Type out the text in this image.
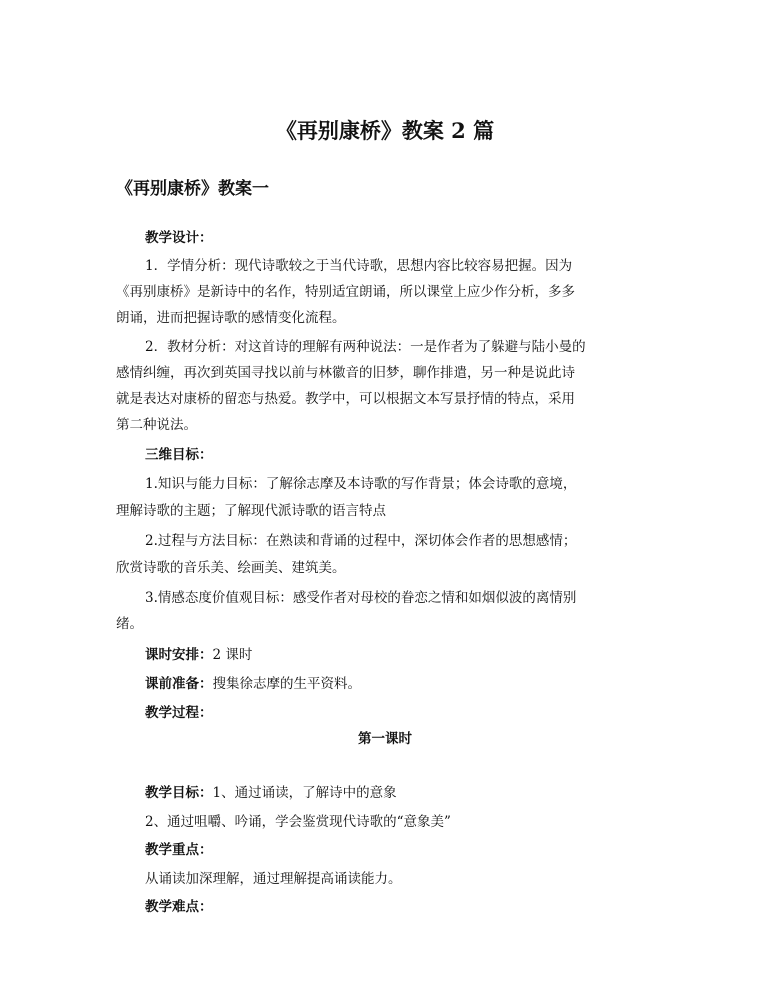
《再别康桥》教案 2 篇
《再别康桥》教案一
教学设计：
1．学情分析：现代诗歌较之于当代诗歌，思想内容比较容易把握。因为
《再别康桥》是新诗中的名作，特别适宜朗诵，所以课堂上应少作分析，多多
朗诵，进而把握诗歌的感情变化流程。
2．教材分析：对这首诗的理解有两种说法：一是作者为了躲避与陆小曼的
感情纠缠，再次到英国寻找以前与林徽音的旧梦，聊作排遣，另一种是说此诗
就是表达对康桥的留恋与热爱。教学中，可以根据文本写景抒情的特点，采用
第二种说法。
三维目标：
1.知识与能力目标：了解徐志摩及本诗歌的写作背景；体会诗歌的意境，
理解诗歌的主题；了解现代派诗歌的语言特点
2.过程与方法目标：在熟读和背诵的过程中，深切体会作者的思想感情；
欣赏诗歌的音乐美、绘画美、建筑美。
3.情感态度价值观目标：感受作者对母校的眷恋之情和如烟似波的离情别
绪。
课时安排：2 课时
课前准备：搜集徐志摩的生平资料。
教学过程：
第一课时
教学目标：1、通过诵读，了解诗中的意象
2、通过咀嚼、吟诵，学会鉴赏现代诗歌的“意象美”
教学重点：
从诵读加深理解，通过理解提高诵读能力。
教学难点：
